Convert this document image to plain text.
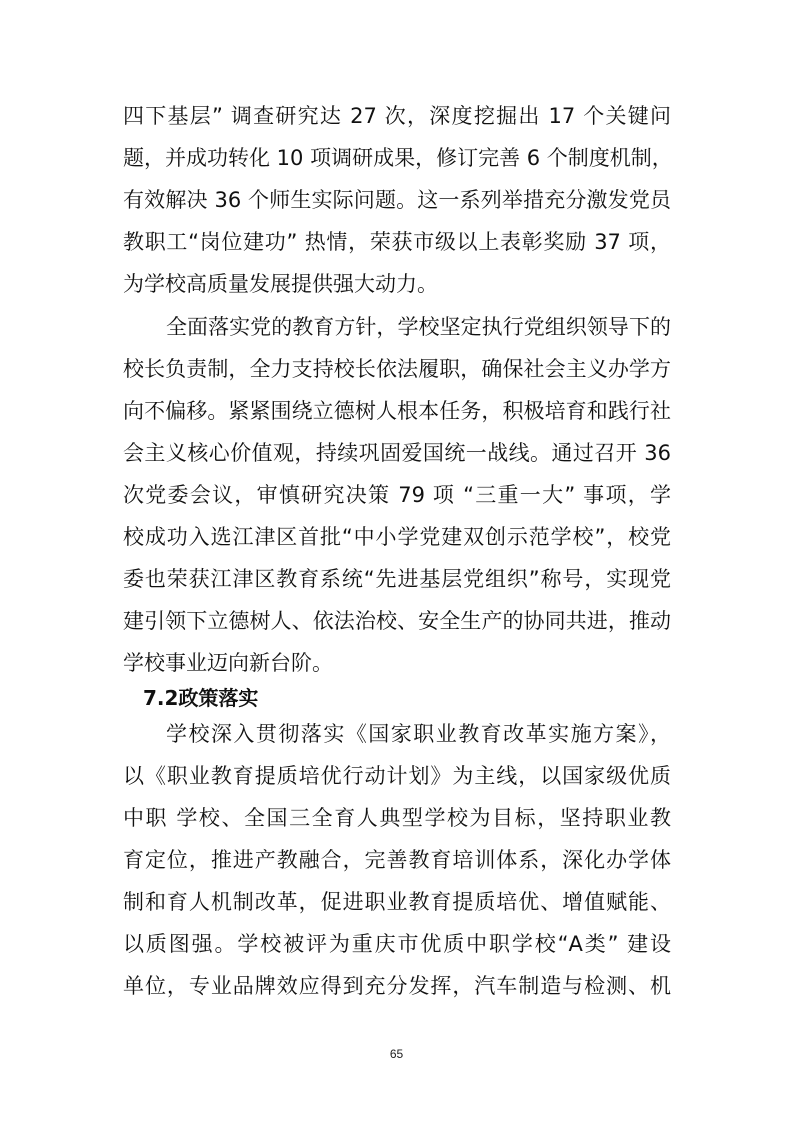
四下基层” 调查研究达 27 次，深度挖掘出 17 个关键问
题，并成功转化 10 项调研成果，修订完善 6 个制度机制，
有效解决 36 个师生实际问题。这一系列举措充分激发党员
教职工“岗位建功” 热情，荣获市级以上表彰奖励 37 项，
为学校高质量发展提供强大动力。
全面落实党的教育方针，学校坚定执行党组织领导下的
校长负责制，全力支持校长依法履职，确保社会主义办学方
向不偏移。紧紧围绕立德树人根本任务，积极培育和践行社
会主义核心价值观，持续巩固爱国统一战线。通过召开 36
次党委会议，审慎研究决策 79 项 “三重一大” 事项，学
校成功入选江津区首批“中小学党建双创示范学校”，校党
委也荣获江津区教育系统“先进基层党组织”称号，实现党
建引领下立德树人、依法治校、安全生产的协同共进，推动
学校事业迈向新台阶。
7.2政策落实
学校深入贯彻落实《国家职业教育改革实施方案》，
以《职业教育提质培优行动计划》为主线，以国家级优质
中职 学校、全国三全育人典型学校为目标，坚持职业教
育定位，推进产教融合，完善教育培训体系，深化办学体
制和育人机制改革，促进职业教育提质培优、增值赋能、
以质图强。学校被评为重庆市优质中职学校“A类” 建设
单位，专业品牌效应得到充分发挥，汽车制造与检测、机
65
